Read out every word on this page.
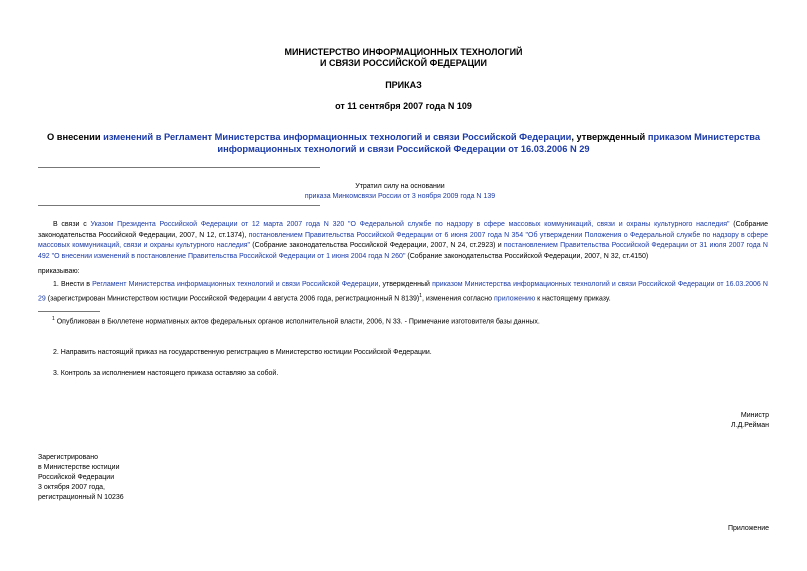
МИНИСТЕРСТВО ИНФОРМАЦИОННЫХ ТЕХНОЛОГИЙ
И СВЯЗИ РОССИЙСКОЙ ФЕДЕРАЦИИ
ПРИКАЗ
от 11 сентября 2007 года N 109
О внесении изменений в Регламент Министерства информационных технологий и связи Российской Федерации, утвержденный приказом Министерства информационных технологий и связи Российской Федерации от 16.03.2006 N 29
Утратил силу на основании
приказа Минкомсвязи России от 3 ноября 2009 года N 139
В связи с Указом Президента Российской Федерации от 12 марта 2007 года N 320 "О Федеральной службе по надзору в сфере массовых коммуникаций, связи и охраны культурного наследия" (Собрание законодательства Российской Федерации, 2007, N 12, ст.1374), постановлением Правительства Российской Федерации от 6 июня 2007 года N 354 "Об утверждении Положения о Федеральной службе по надзору в сфере массовых коммуникаций, связи и охраны культурного наследия" (Собрание законодательства Российской Федерации, 2007, N 24, ст.2923) и постановлением Правительства Российской Федерации от 31 июля 2007 года N 492 "О внесении изменений в постановление Правительства Российской Федерации от 1 июня 2004 года N 260" (Собрание законодательства Российской Федерации, 2007, N 32, ст.4150)
приказываю:
1. Внести в Регламент Министерства информационных технологий и связи Российской Федерации, утвержденный приказом Министерства информационных технологий и связи Российской Федерации от 16.03.2006 N 29 (зарегистрирован Министерством юстиции Российской Федерации 4 августа 2006 года, регистрационный N 8139)$^1$, изменения согласно приложению к настоящему приказу.
$^1$ Опубликован в Бюллетене нормативных актов федеральных органов исполнительной власти, 2006, N 33. - Примечание изготовителя базы данных.
2. Направить настоящий приказ на государственную регистрацию в Министерство юстиции Российской Федерации.
3. Контроль за исполнением настоящего приказа оставляю за собой.
Министр
Л.Д.Рейман
Зарегистрировано
в Министерстве юстиции
Российской Федерации
3 октября 2007 года,
регистрационный N 10236
Приложение
